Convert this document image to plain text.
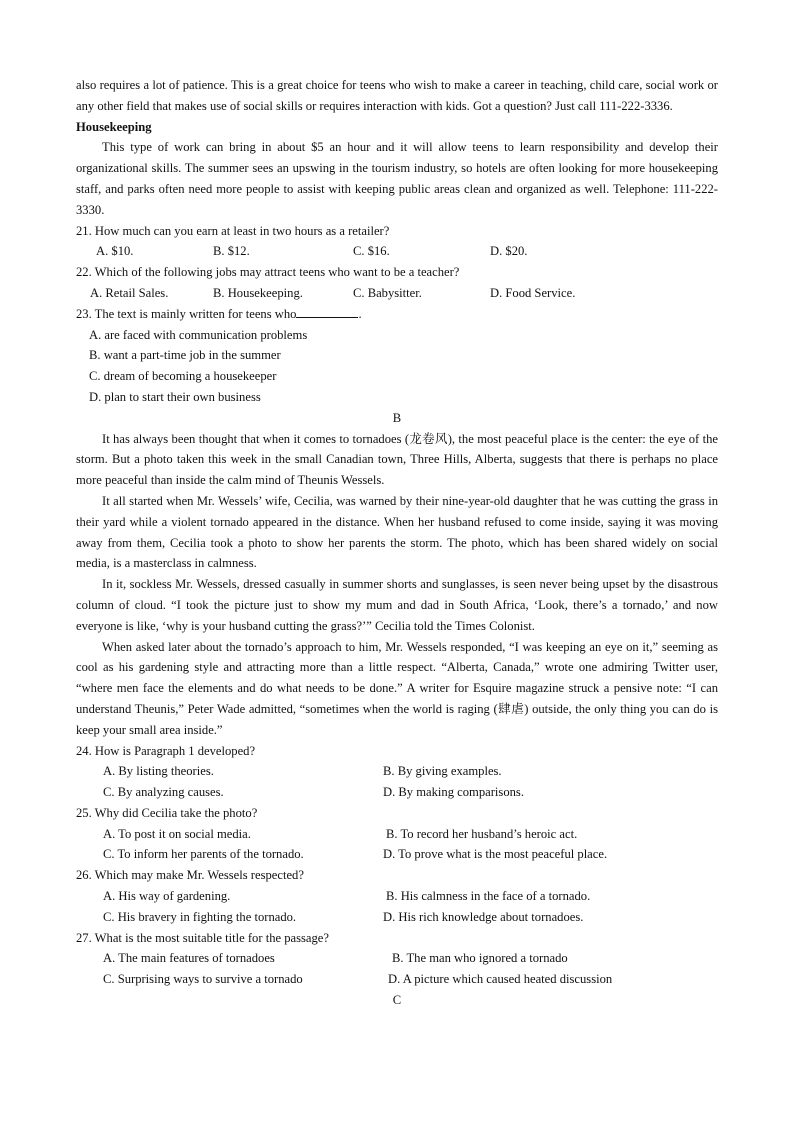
also requires a lot of patience. This is a great choice for teens who wish to make a career in teaching, child care, social work or any other field that makes use of social skills or requires interaction with kids. Got a question? Just call 111-222-3336.

Housekeeping

This type of work can bring in about $5 an hour and it will allow teens to learn responsibility and develop their organizational skills. The summer sees an upswing in the tourism industry, so hotels are often looking for more housekeeping staff, and parks often need more people to assist with keeping public areas clean and organized as well. Telephone: 111-222-3330.

21. How much can you earn at least in two hours as a retailer?

A. $10.	B. $12.	C. $16.	D. $20.

22. Which of the following jobs may attract teens who want to be a teacher?

A. Retail Sales.	B. Housekeeping.	C. Babysitter.	D. Food Service.

23. The text is mainly written for teens who	.

A. are faced with communication problems

B. want a part-time job in the summer

C. dream of becoming a housekeeper

D. plan to start their own business

B

It has always been thought that when it comes to tornadoes (龙卷风), the most peaceful place is the center: the eye of the storm. But a photo taken this week in the small Canadian town, Three Hills, Alberta, suggests that there is perhaps no place more peaceful than inside the calm mind of Theunis Wessels.

It all started when Mr. Wessels’ wife, Cecilia, was warned by their nine-year-old daughter that he was cutting the grass in their yard while a violent tornado appeared in the distance. When her husband refused to come inside, saying it was moving away from them, Cecilia took a photo to show her parents the storm. The photo, which has been shared widely on social media, is a masterclass in calmness.

In it, sockless Mr. Wessels, dressed casually in summer shorts and sunglasses, is seen never being upset by the disastrous column of cloud. “I took the picture just to show my mum and dad in South Africa, ‘Look, there’s a tornado,’ and now everyone is like, ‘why is your husband cutting the grass?’” Cecilia told the Times Colonist.

When asked later about the tornado’s approach to him, Mr. Wessels responded, “I was keeping an eye on it,” seeming as cool as his gardening style and attracting more than a little respect. “Alberta, Canada,” wrote one admiring Twitter user, “where men face the elements and do what needs to be done.” A writer for Esquire magazine struck a pensive note: “I can understand Theunis,” Peter Wade admitted, “sometimes when the world is raging (肆虐) outside, the only thing you can do is keep your small area inside.”

24. How is Paragraph 1 developed?

A. By listing theories.	B. By giving examples.
C. By analyzing causes.	D. By making comparisons.

25. Why did Cecilia take the photo?

A. To post it on social media.	B. To record her husband’s heroic act.
C. To inform her parents of the tornado.	D. To prove what is the most peaceful place.

26. Which may make Mr. Wessels respected?

A. His way of gardening.	B. His calmness in the face of a tornado.
C. His bravery in fighting the tornado.	D. His rich knowledge about tornadoes.

27. What is the most suitable title for the passage?

A. The main features of tornadoes	B. The man who ignored a tornado
C. Surprising ways to survive a tornado	D. A picture which caused heated discussion

C
